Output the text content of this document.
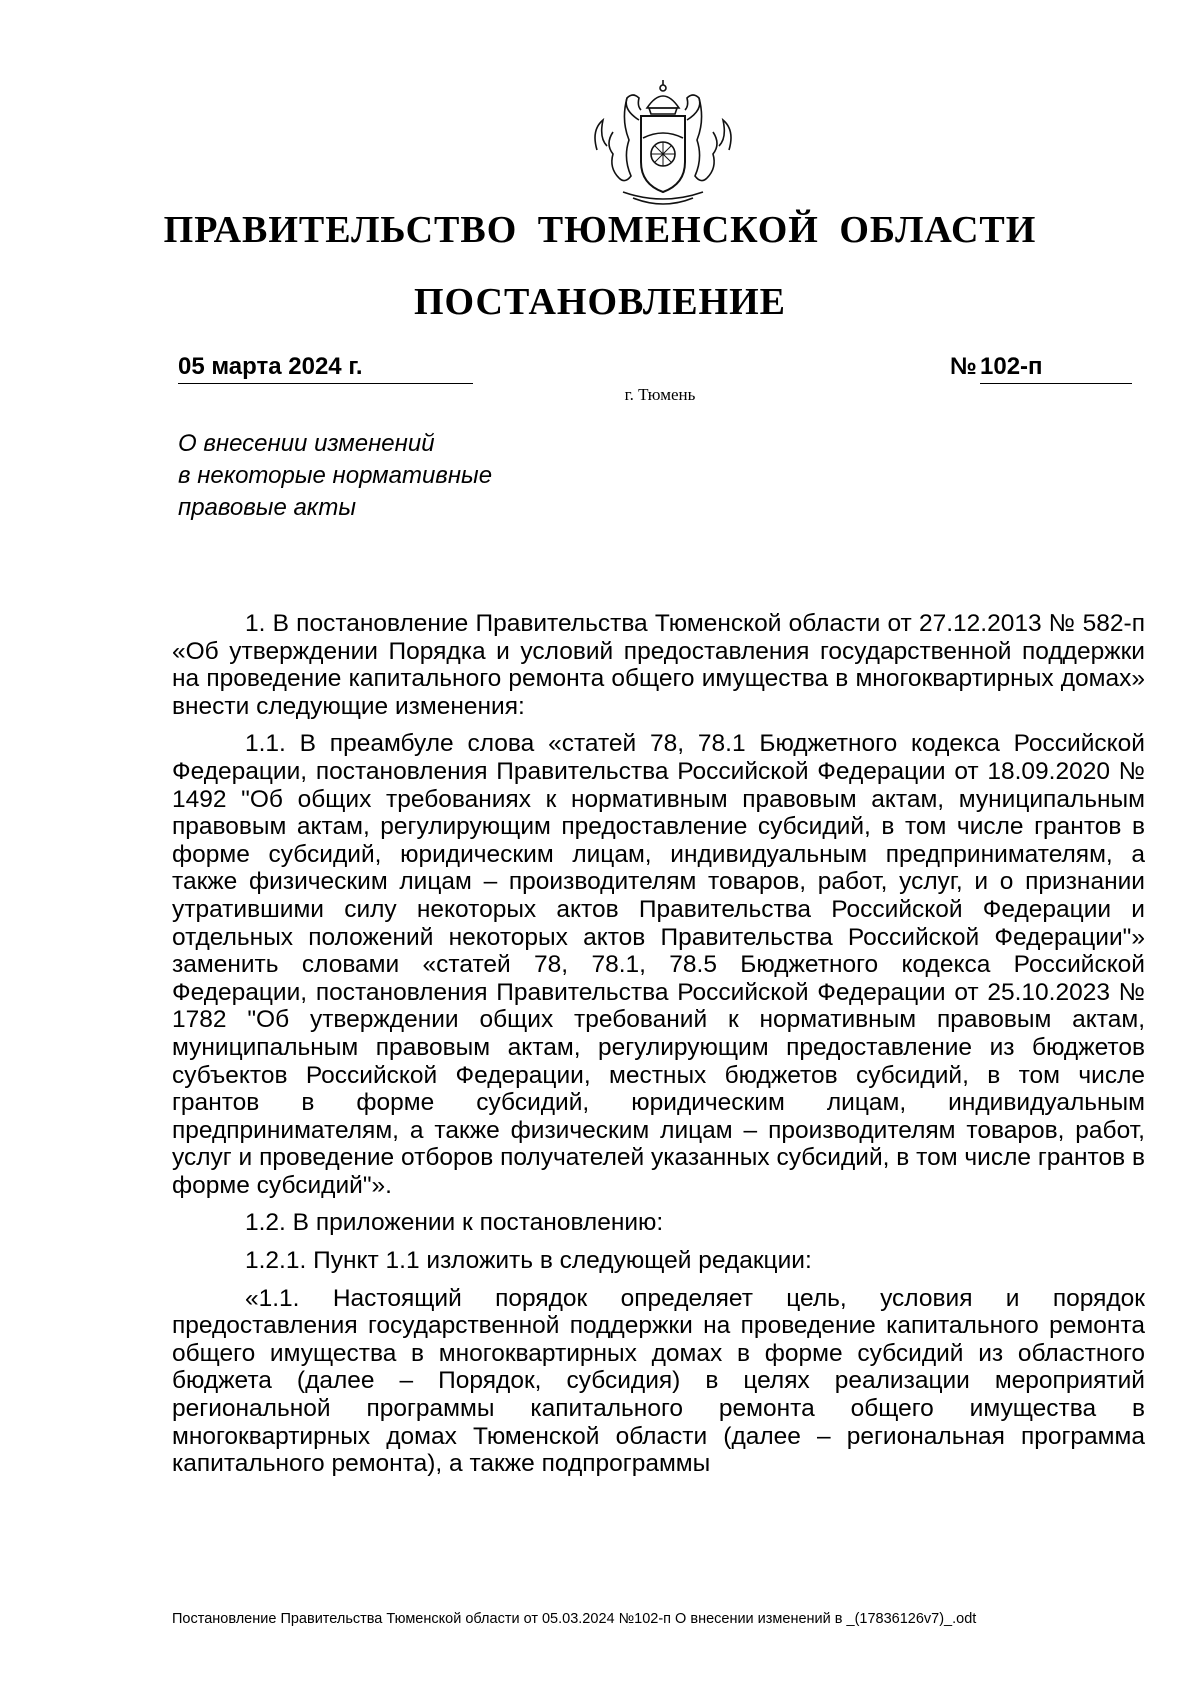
ПРАВИТЕЛЬСТВО ТЮМЕНСКОЙ ОБЛАСТИ
ПОСТАНОВЛЕНИЕ
05 марта 2024 г.	№ 102-п
г. Тюмень
О внесении изменений
в некоторые нормативные
правовые акты

1. В постановление Правительства Тюменской области от 27.12.2013 № 582-п «Об утверждении Порядка и условий предоставления государственной поддержки на проведение капитального ремонта общего имущества в многоквартирных домах» внести следующие изменения:

1.1. В преамбуле слова «статей 78, 78.1 Бюджетного кодекса Российской Федерации, постановления Правительства Российской Федерации от 18.09.2020 № 1492 "Об общих требованиях к нормативным правовым актам, муниципальным правовым актам, регулирующим предоставление субсидий, в том числе грантов в форме субсидий, юридическим лицам, индивидуальным предпринимателям, а также физическим лицам – производителям товаров, работ, услуг, и о признании утратившими силу некоторых актов Правительства Российской Федерации и отдельных положений некоторых актов Правительства Российской Федерации"» заменить словами «статей 78, 78.1, 78.5 Бюджетного кодекса Российской Федерации, постановления Правительства Российской Федерации от 25.10.2023 № 1782 "Об утверждении общих требований к нормативным правовым актам, муниципальным правовым актам, регулирующим предоставление из бюджетов субъектов Российской Федерации, местных бюджетов субсидий, в том числе грантов в форме субсидий, юридическим лицам, индивидуальным предпринимателям, а также физическим лицам – производителям товаров, работ, услуг и проведение отборов получателей указанных субсидий, в том числе грантов в форме субсидий"».

1.2. В приложении к постановлению:

1.2.1. Пункт 1.1 изложить в следующей редакции:

«1.1. Настоящий порядок определяет цель, условия и порядок предоставления государственной поддержки на проведение капитального ремонта общего имущества в многоквартирных домах в форме субсидий из областного бюджета (далее – Порядок, субсидия) в целях реализации мероприятий региональной программы капитального ремонта общего имущества в многоквартирных домах Тюменской области (далее – региональная программа капитального ремонта), а также подпрограммы

Постановление Правительства Тюменской области от 05.03.2024 №102-п О внесении изменений в _(17836126v7)_.odt
